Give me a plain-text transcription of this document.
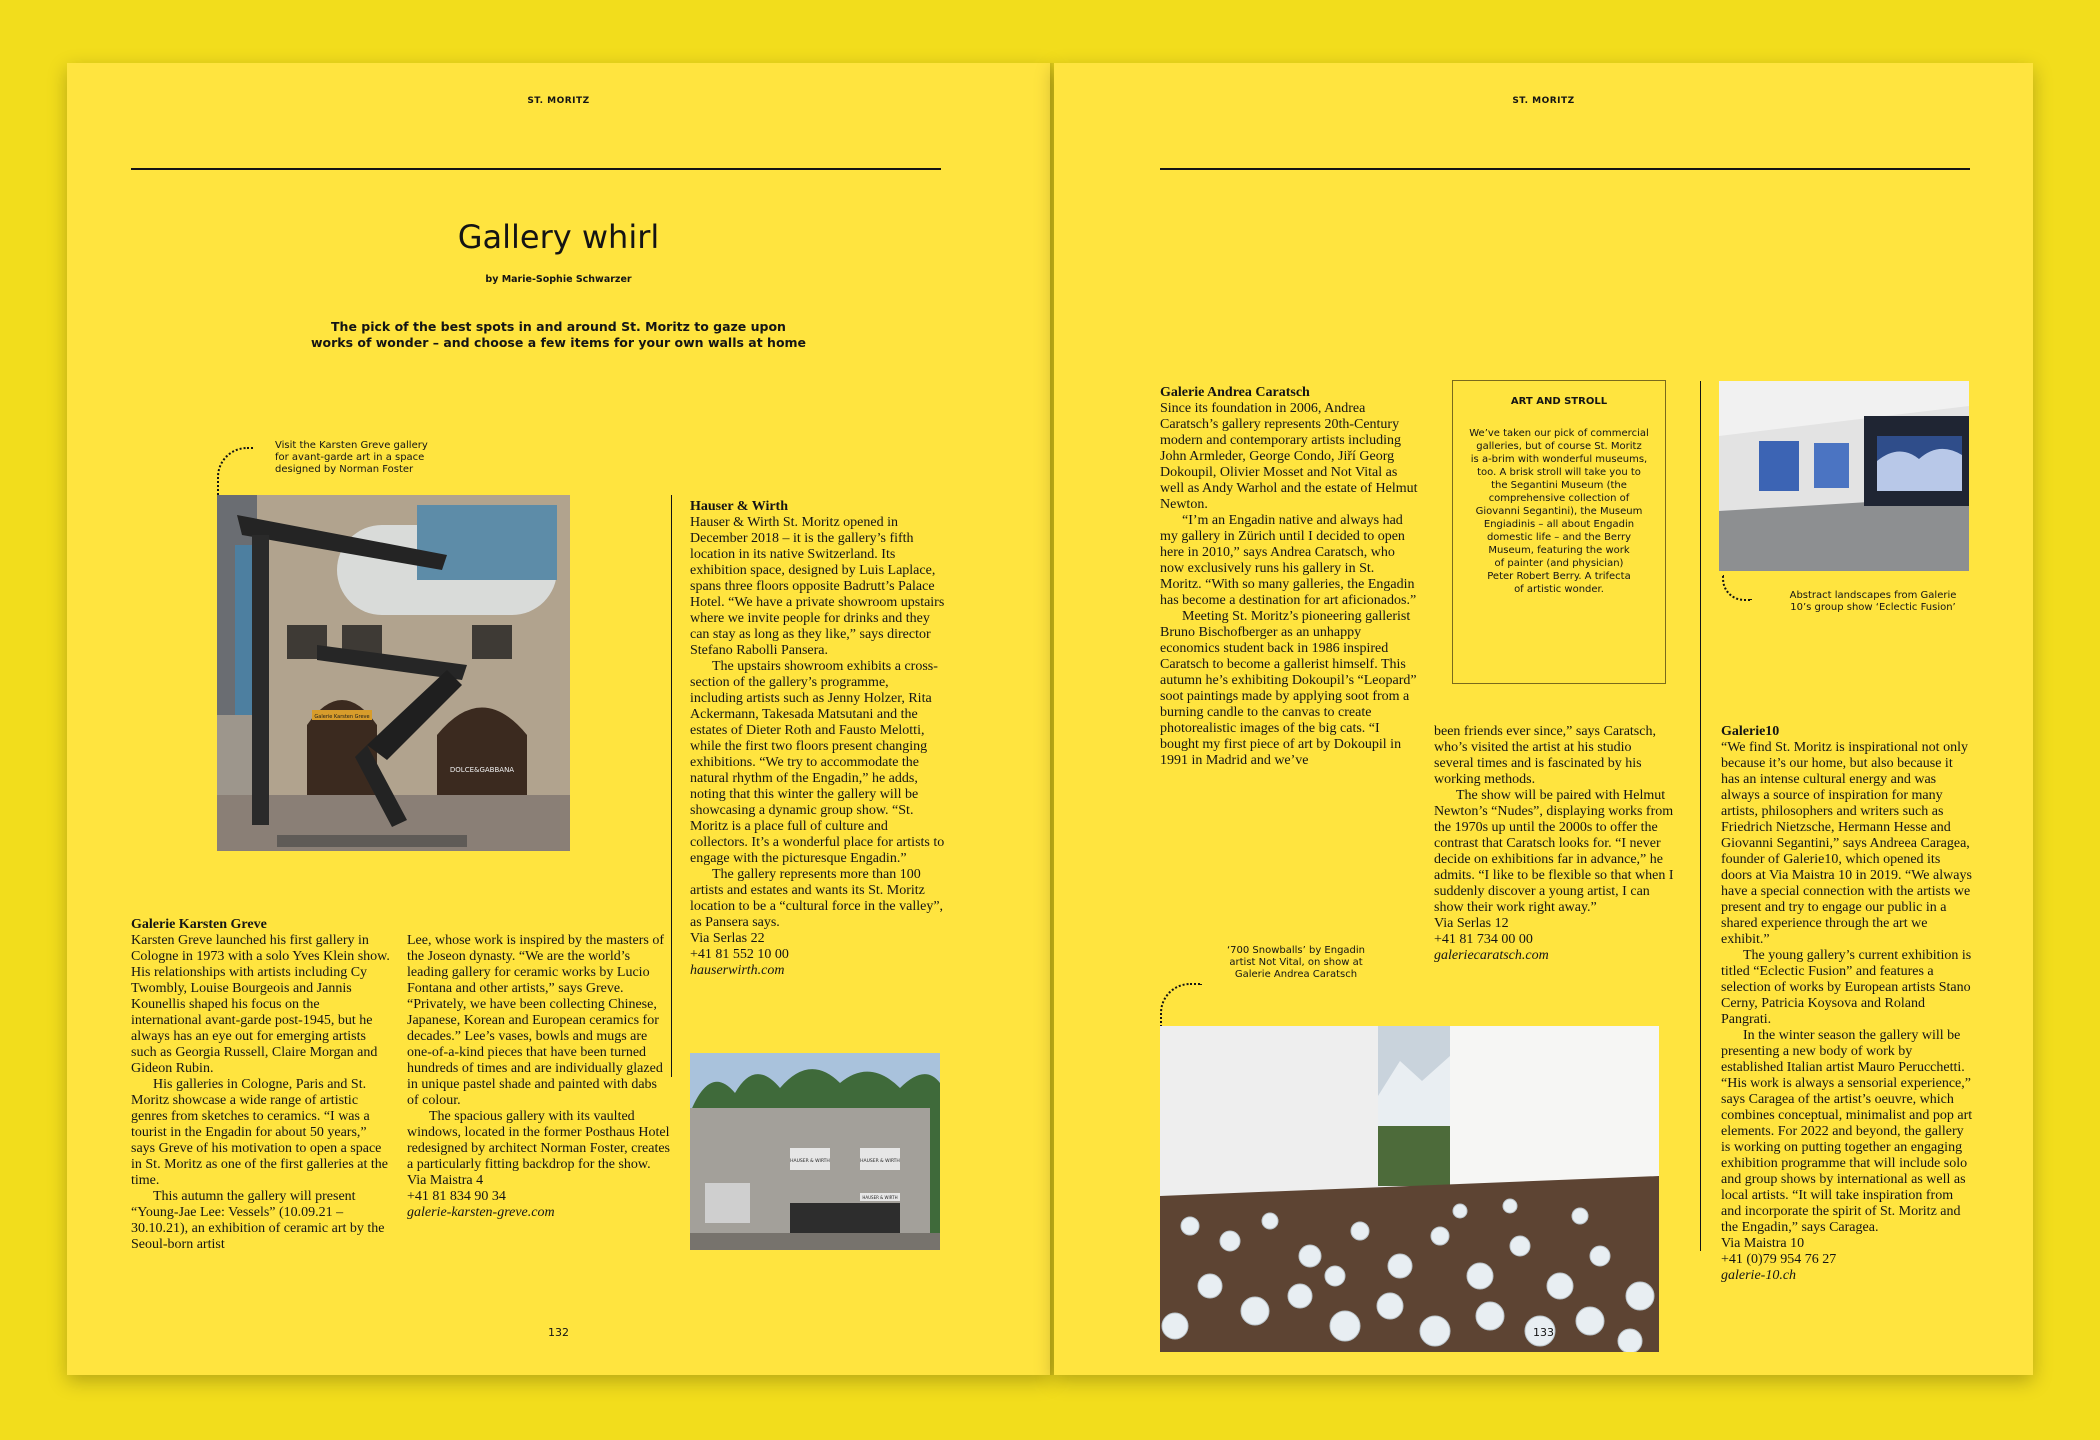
ST. MORITZ
Gallery whirl
by Marie-Sophie Schwarzer
The pick of the best spots in and around St. Moritz to gaze upon
works of wonder – and choose a few items for your own walls at home
Visit the Karsten Greve gallery
for avant-garde art in a space
designed by Norman Foster
Galerie Karsten Greve
DOLCE&GABBANA
Galerie Karsten Greve

Karsten Greve launched his first gallery in Cologne in 1973 with a solo Yves Klein show. His relationships with artists including Cy Twombly, Louise Bourgeois and Jannis Kounellis shaped his focus on the international avant-garde post-1945, but he always has an eye out for emerging artists such as Georgia Russell, Claire Morgan and Gideon Rubin.

His galleries in Cologne, Paris and St. Moritz showcase a wide range of artistic genres from sketches to ceramics. “I was a tourist in the Engadin for about 50 years,” says Greve of his motivation to open a space in St. Moritz as one of the first galleries at the time.

This autumn the gallery will present “Young-Jae Lee: Vessels” (10.09.21 – 30.10.21), an exhibition of ceramic art by the Seoul-born artist

Lee, whose work is inspired by the masters of the Joseon dynasty. “We are the world’s leading gallery for ceramic works by Lucio Fontana and other artists,” says Greve. “Privately, we have been collecting Chinese, Japanese, Korean and European ceramics for decades.” Lee’s vases, bowls and mugs are one-of-a-kind pieces that have been turned hundreds of times and are individually glazed in unique pastel shade and painted with dabs of colour.

The spacious gallery with its vaulted windows, located in the former Posthaus Hotel redesigned by architect Norman Foster, creates a particularly fitting backdrop for the show.

Via Maistra 4
+41 81 834 90 34
galerie-karsten-greve.com
Hauser & Wirth

Hauser & Wirth St. Moritz opened in December 2018 – it is the gallery’s fifth location in its native Switzerland. Its exhibition space, designed by Luis Laplace, spans three floors opposite Badrutt’s Palace Hotel. “We have a private showroom upstairs where we invite people for drinks and they can stay as long as they like,” says director Stefano Rabolli Pansera.

The upstairs showroom exhibits a cross-section of the gallery’s programme, including artists such as Jenny Holzer, Rita Ackermann, Takesada Matsutani and the estates of Dieter Roth and Fausto Melotti, while the first two floors present changing exhibitions. “We try to accommodate the natural rhythm of the Engadin,” he adds, noting that this winter the gallery will be showcasing a dynamic group show. “St. Moritz is a place full of culture and collectors. It’s a wonderful place for artists to engage with the picturesque Engadin.”

The gallery represents more than 100 artists and estates and wants its St. Moritz location to be a “cultural force in the valley”, as Pansera says.

Via Serlas 22
+41 81 552 10 00
hauserwirth.com
HAUSER & WIRTH	HAUSER & WIRTH
HAUSER & WIRTH
132
ST. MORITZ
Galerie Andrea Caratsch

Since its foundation in 2006, Andrea Caratsch’s gallery represents 20th-Century modern and contemporary artists including John Armleder, George Condo, Jiří Georg Dokoupil, Olivier Mosset and Not Vital as well as Andy Warhol and the estate of Helmut Newton.

“I’m an Engadin native and always had my gallery in Zürich until I decided to open here in 2010,” says Andrea Caratsch, who now exclusively runs his gallery in St. Moritz. “With so many galleries, the Engadin has become a destination for art aficionados.”

Meeting St. Moritz’s pioneering gallerist Bruno Bischofberger as an unhappy economics student back in 1986 inspired Caratsch to become a gallerist himself. This autumn he’s exhibiting Dokoupil’s “Leopard” soot paintings made by applying soot from a burning candle to the canvas to create photorealistic images of the big cats. “I bought my first piece of art by Dokoupil in 1991 in Madrid and we’ve

ART AND STROLL
We’ve taken our pick of commercial
galleries, but of course St. Moritz
is a-brim with wonderful museums,
too. A brisk stroll will take you to
the Segantini Museum (the
comprehensive collection of
Giovanni Segantini), the Museum
Engiadinis – all about Engadin
domestic life – and the Berry
Museum, featuring the work
of painter (and physician)
Peter Robert Berry. A trifecta
of artistic wonder.

been friends ever since,” says Caratsch, who’s visited the artist at his studio several times and is fascinated by his working methods.

The show will be paired with Helmut Newton’s “Nudes”, displaying works from the 1970s up until the 2000s to offer the contrast that Caratsch looks for. “I never decide on exhibitions far in advance,” he admits. “I like to be flexible so that when I suddenly discover a young artist, I can show their work right away.”

Via Serlas 12
+41 81 734 00 00
galeriecaratsch.com
Abstract landscapes from Galerie
10’s group show ‘Eclectic Fusion’
Galerie10

“We find St. Moritz is inspirational not only because it’s our home, but also because it has an intense cultural energy and was always a source of inspiration for many artists, philosophers and writers such as Friedrich Nietzsche, Hermann Hesse and Giovanni Segantini,” says Andreea Caragea, founder of Galerie10, which opened its doors at Via Maistra 10 in 2019. “We always have a special connection with the artists we present and try to engage our public in a shared experience through the art we exhibit.”

The young gallery’s current exhibition is titled “Eclectic Fusion” and features a selection of works by European artists Stano Cerny, Patricia Koysova and Roland Pangrati.

In the winter season the gallery will be presenting a new body of work by established Italian artist Mauro Perucchetti. “His work is always a sensorial experience,” says Caragea of the artist’s oeuvre, which combines conceptual, minimalist and pop art elements. For 2022 and beyond, the gallery is working on putting together an engaging exhibition programme that will include solo and group shows by international as well as local artists. “It will take inspiration from and incorporate the spirit of St. Moritz and the Engadin,” says Caragea.

Via Maistra 10
+41 (0)79 954 76 27
galerie-10.ch
‘700 Snowballs’ by Engadin
artist Not Vital, on show at
Galerie Andrea Caratsch
133
